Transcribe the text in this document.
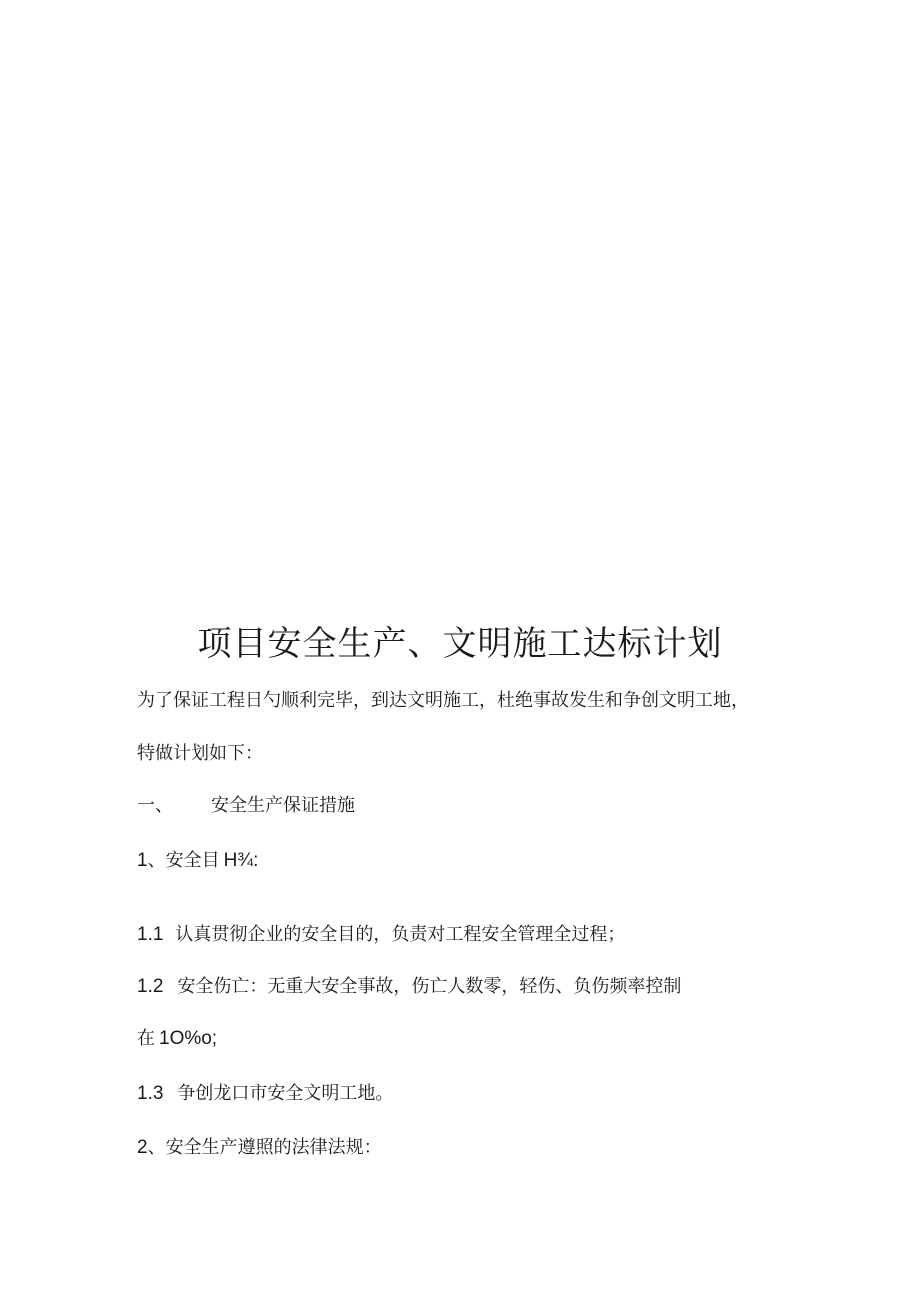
项目安全生产、文明施工达标计划
为了保证工程日勺顺利完毕，到达文明施工，杜绝事故发生和争创文明工地，
特做计划如下：
一、 安全生产保证措施
1、安全目 H¾:
1.1 认真贯彻企业的安全目的，负责对工程安全管理全过程；
1.2 安全伤亡：无重大安全事故，伤亡人数零，轻伤、负伤频率控制
在 1O%o;
1.3 争创龙口市安全文明工地。
2、安全生产遵照的法律法规：
